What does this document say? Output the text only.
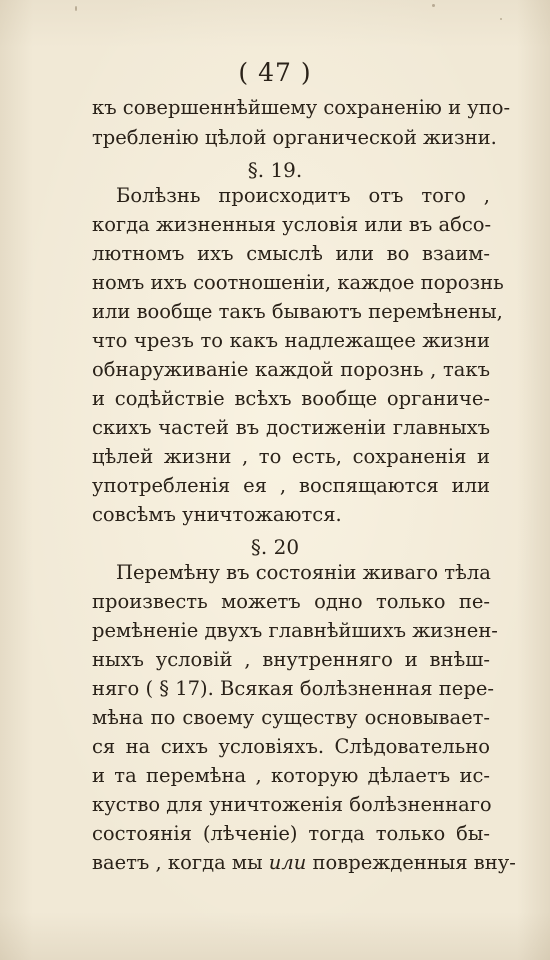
( 47 )
къ совершеннѣйшему сохраненiю и упо-
требленiю цѣлой органической жизни.
§. 19.
Болѣзнь происходитъ отъ того ,
когда жизненныя условiя или въ абсо-
лютномъ ихъ смыслѣ или во взаим-
номъ ихъ соотношенiи, каждое порознь
или вообще такъ бываютъ перемѣнены,
что чрезъ то какъ надлежащее жизни
обнаруживанiе каждой порознь , такъ
и содѣйствiе всѣхъ вообще органиче-
скихъ частей въ достиженiи главныхъ
цѣлей жизни , то есть, сохраненiя и
употребленiя ея , воспящаются или
совсѣмъ уничтожаются.
§. 20
Перемѣну въ состоянiи живаго тѣла
произвесть можетъ одно только пе-
ремѣненiе двухъ главнѣйшихъ жизнен-
ныхъ условiй , внутренняго и внѣш-
няго ( § 17). Всякая болѣзненная пере-
мѣна по своему существу основывает-
ся на сихъ условiяхъ. Слѣдовательно
и та перемѣна , которую дѣлаетъ ис-
куство для уничтоженiя болѣзненнаго
состоянiя (лѣченiе) тогда только бы-
ваетъ , когда мы или поврежденныя вну-
